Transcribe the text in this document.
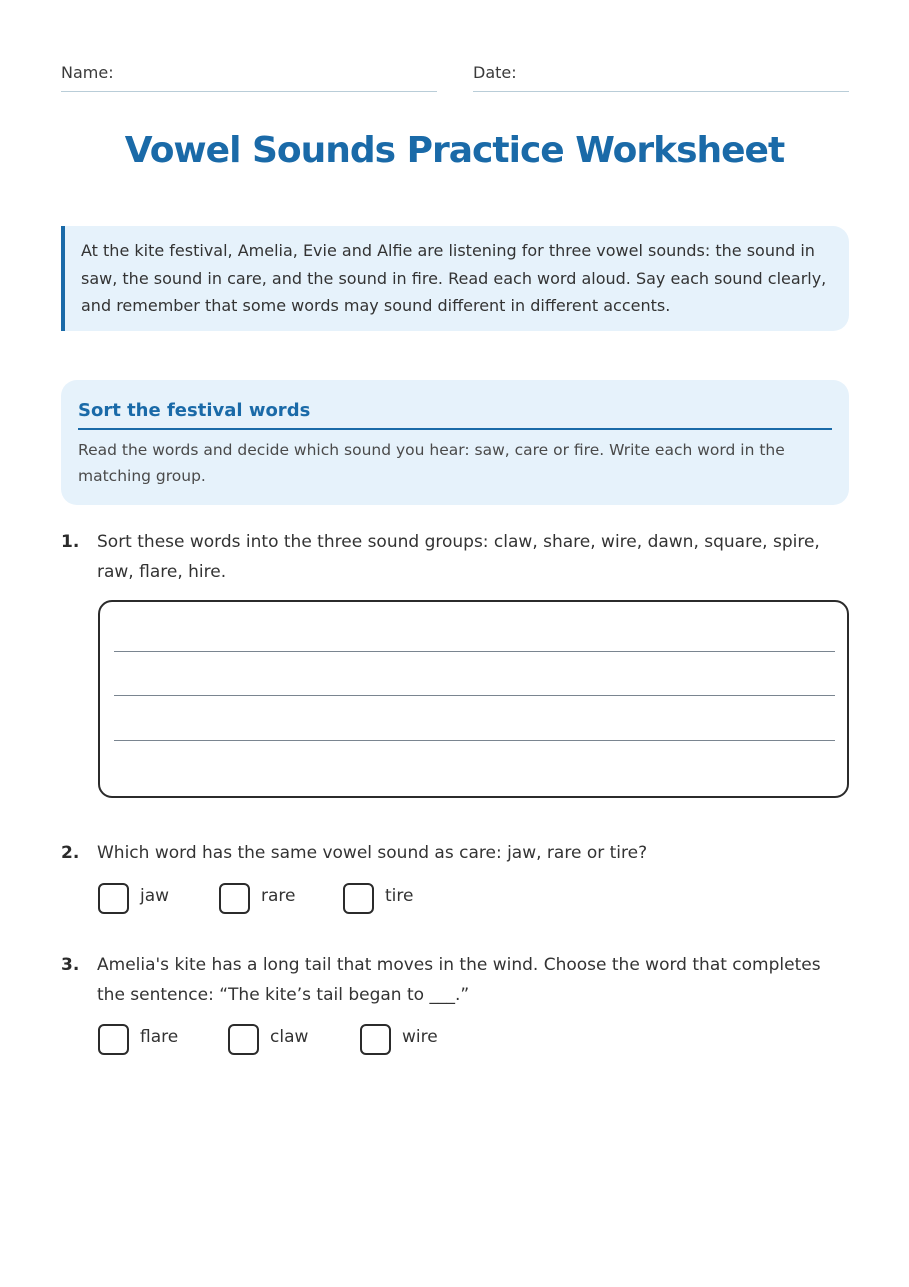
Name:	Date:
Vowel Sounds Practice Worksheet
At the kite festival, Amelia, Evie and Alfie are listening for three vowel sounds: the sound in saw, the sound in care, and the sound in fire. Read each word aloud. Say each sound clearly, and remember that some words may sound different in different accents.
Sort the festival words
Read the words and decide which sound you hear: saw, care or fire. Write each word in the matching group.
1. Sort these words into the three sound groups: claw, share, wire, dawn, square, spire, raw, flare, hire.
2. Which word has the same vowel sound as care: jaw, rare or tire?
jaw	rare	tire
3. Amelia's kite has a long tail that moves in the wind. Choose the word that completes the sentence: “The kite’s tail began to ___.”
flare	claw	wire
